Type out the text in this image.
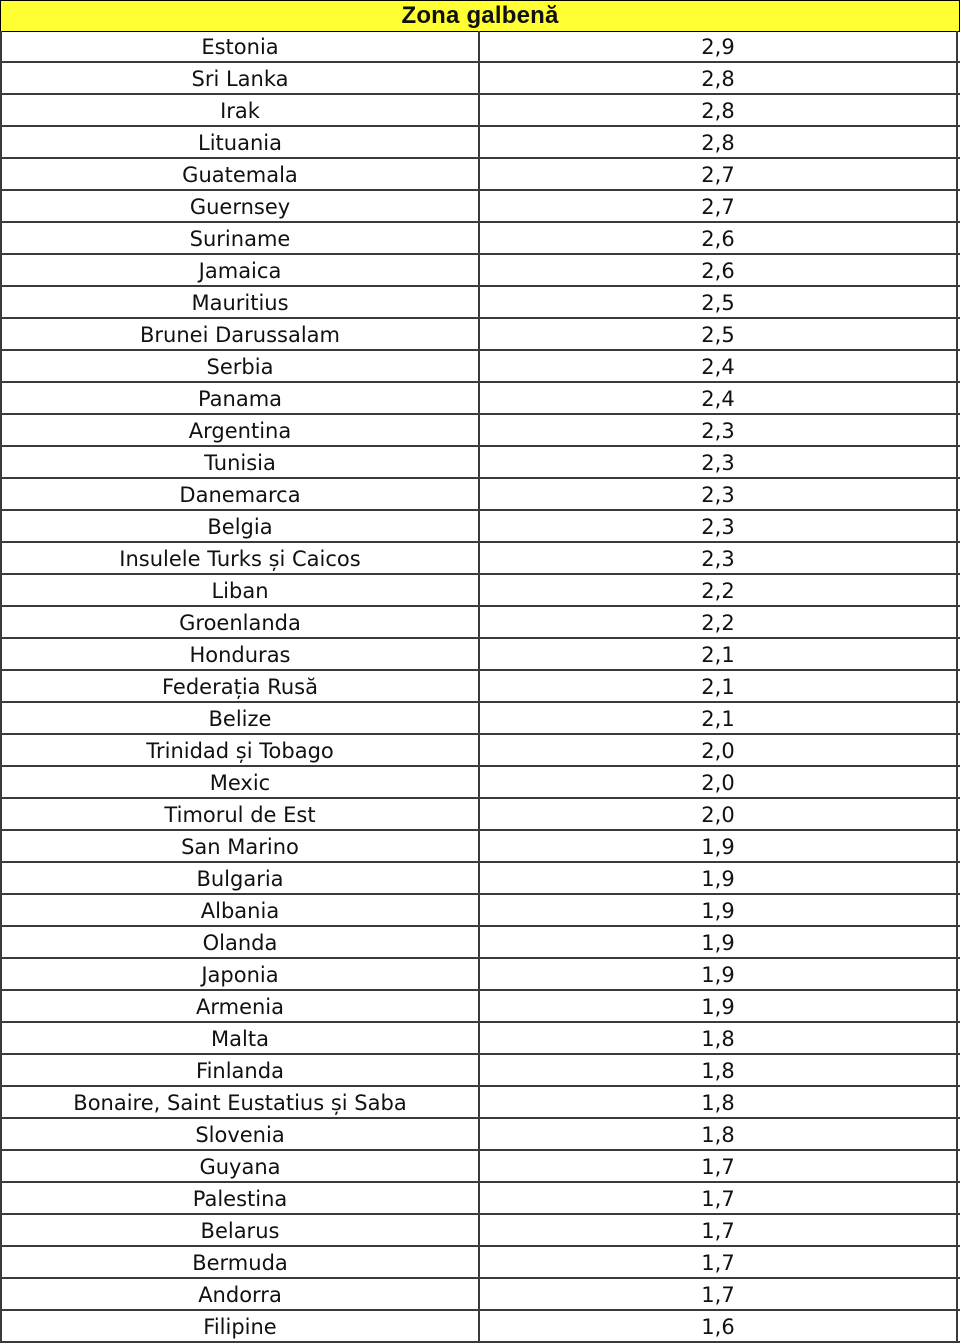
Zona galbenă
Estonia	2,9
Sri Lanka	2,8
Irak	2,8
Lituania	2,8
Guatemala	2,7
Guernsey	2,7
Suriname	2,6
Jamaica	2,6
Mauritius	2,5
Brunei Darussalam	2,5
Serbia	2,4
Panama	2,4
Argentina	2,3
Tunisia	2,3
Danemarca	2,3
Belgia	2,3
Insulele Turks și Caicos	2,3
Liban	2,2
Groenlanda	2,2
Honduras	2,1
Federația Rusă	2,1
Belize	2,1
Trinidad și Tobago	2,0
Mexic	2,0
Timorul de Est	2,0
San Marino	1,9
Bulgaria	1,9
Albania	1,9
Olanda	1,9
Japonia	1,9
Armenia	1,9
Malta	1,8
Finlanda	1,8
Bonaire, Saint Eustatius și Saba	1,8
Slovenia	1,8
Guyana	1,7
Palestina	1,7
Belarus	1,7
Bermuda	1,7
Andorra	1,7
Filipine	1,6
